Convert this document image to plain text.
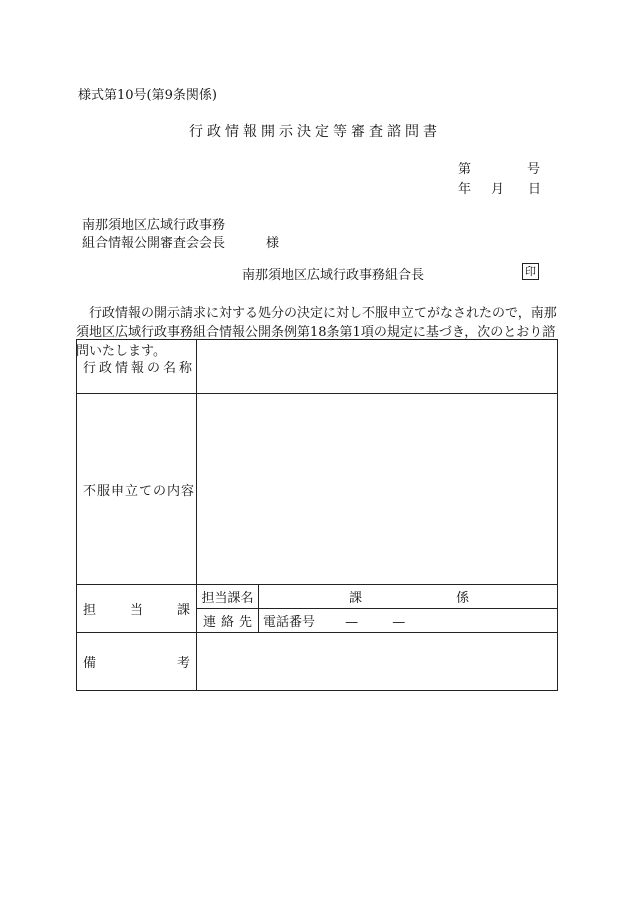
様式第10号(第9条関係)
行政情報開示決定等審査諮問書
第	号
年 月 日
南那須地区広域行政事務
組合情報公開審査会会長	様
南那須地区広域行政事務組合長	印
行政情報の開示請求に対する処分の決定に対し不服申立てがなされたので，南那須地区広域行政事務組合情報公開条例第18条第1項の規定に基づき，次のとおり諮問いたします。
行政情報の名称		
不服申立ての内容		

担 当 課	担当課名	課 係

	連 絡 先	電話番号 — —

備 考		
